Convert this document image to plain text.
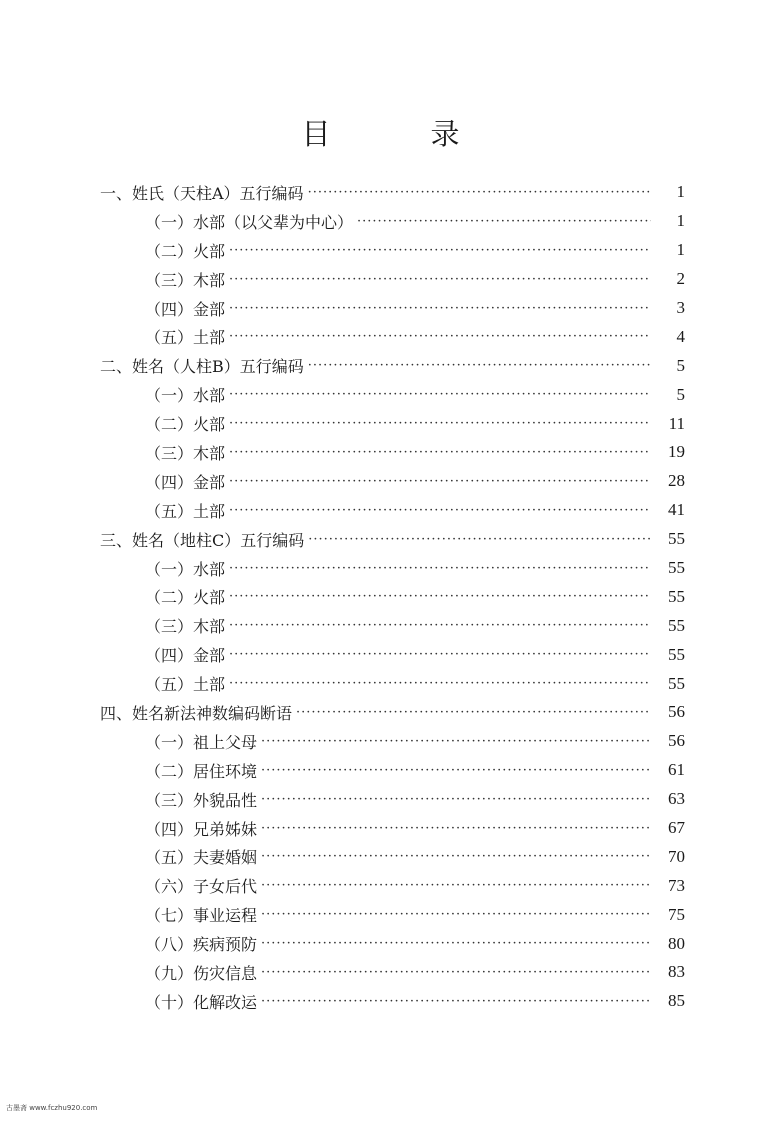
目	录
一、姓氏（天柱A）五行编码 ·····	1
（一）水部（以父辈为中心） ·····	1
（二）火部 ·····	1
（三）木部 ·····	2
（四）金部 ·····	3
（五）土部 ·····	4
二、姓名（人柱B）五行编码 ·····	5
（一）水部 ·····	5
（二）火部 ·····	11
（三）木部 ·····	19
（四）金部 ·····	28
（五）土部 ·····	41
三、姓名（地柱C）五行编码 ·····	55
（一）水部 ·····	55
（二）火部 ·····	55
（三）木部 ·····	55
（四）金部 ·····	55
（五）土部 ·····	55
四、姓名新法神数编码断语 ·····	56
（一）祖上父母 ·····	56
（二）居住环境 ·····	61
（三）外貌品性 ·····	63
（四）兄弟姊妹 ·····	67
（五）夫妻婚姻 ·····	70
（六）子女后代 ·····	73
（七）事业运程 ·····	75
（八）疾病预防 ·····	80
（九）伤灾信息 ·····	83
（十）化解改运 ·····	85
古墨斋 www.fczhu920.com
